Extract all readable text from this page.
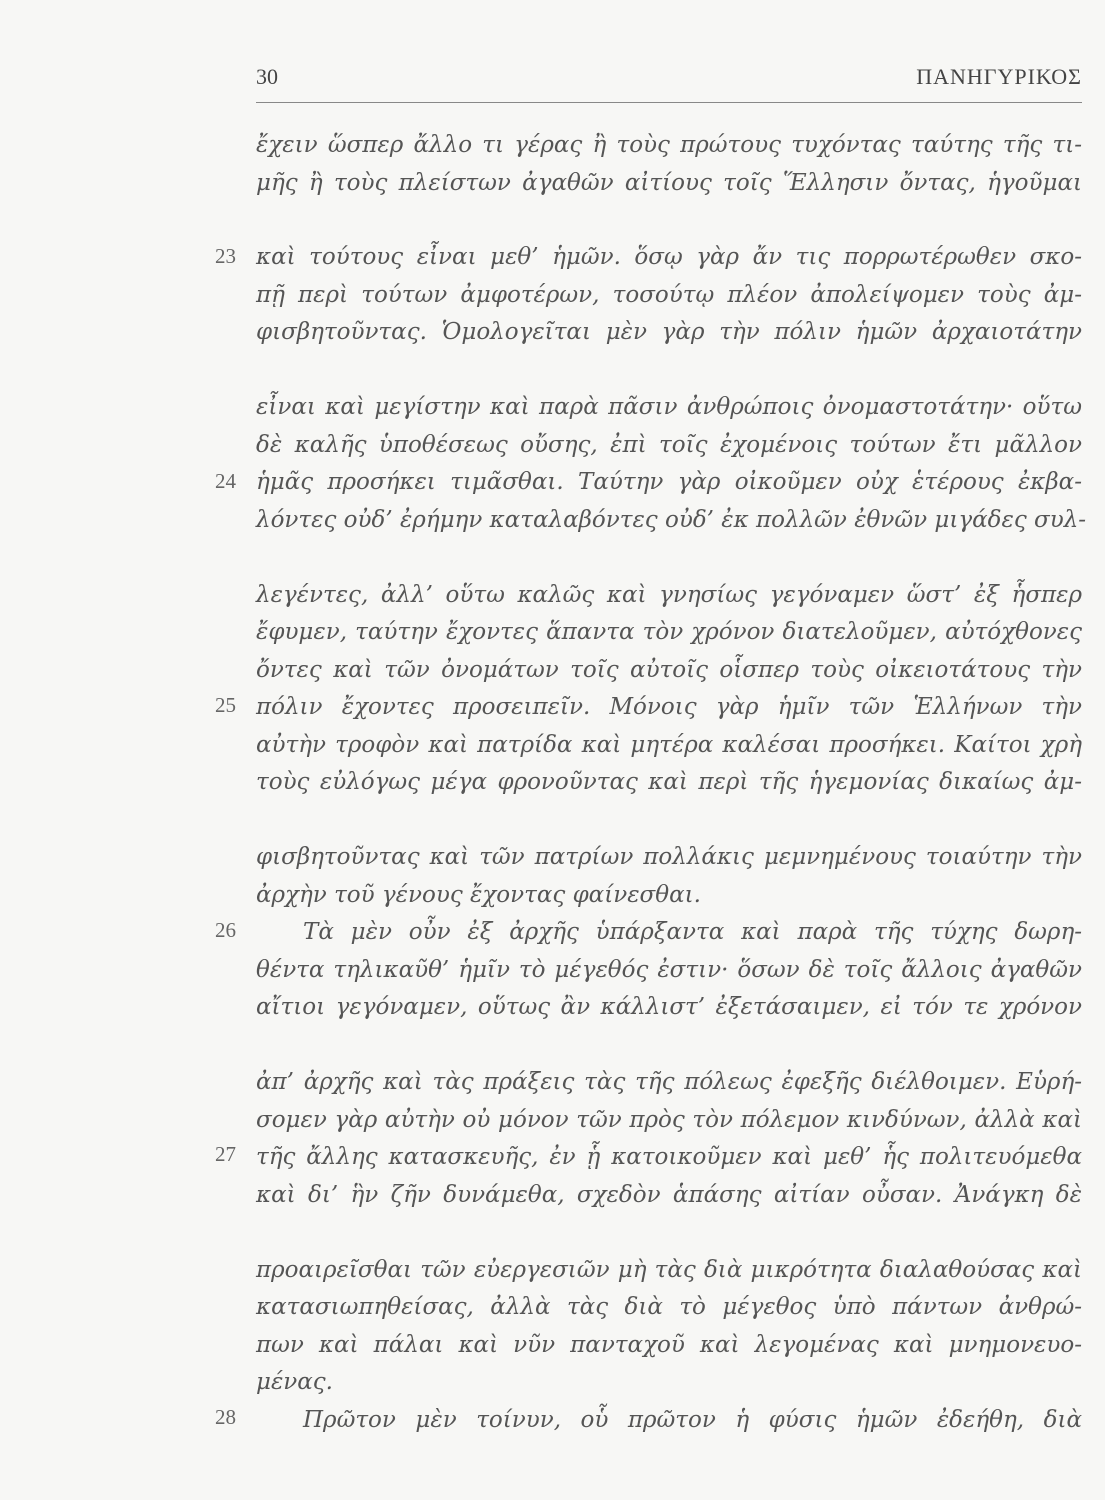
30	ΠΑΝΗΓΥΡΙΚΟΣ
23
24
25
26
27
28
ἔχειν ὥσπερ ἄλλο τι γέρας ἢ τοὺς πρώτους τυχόντας ταύτης τῆς τι-
μῆς ἢ τοὺς πλείστων ἀγαθῶν αἰτίους τοῖς Ἕλλησιν ὄντας, ἡγοῦμαι
καὶ τούτους εἶναι μεθ’ ἡμῶν. ὅσῳ γὰρ ἄν τις πορρωτέρωθεν σκο-
πῇ περὶ τούτων ἀμφοτέρων, τοσούτῳ πλέον ἀπολείψομεν τοὺς ἀμ-
φισβητοῦντας. Ὁμολογεῖται μὲν γὰρ τὴν πόλιν ἡμῶν ἀρχαιοτάτην
εἶναι καὶ μεγίστην καὶ παρὰ πᾶσιν ἀνθρώποις ὀνομαστοτάτην· οὕτω
δὲ καλῆς ὑποθέσεως οὔσης, ἐπὶ τοῖς ἐχομένοις τούτων ἔτι μᾶλλον
ἡμᾶς προσήκει τιμᾶσθαι. Ταύτην γὰρ οἰκοῦμεν οὐχ ἑτέρους ἐκβα-
λόντες οὐδ’ ἐρήμην καταλαβόντες οὐδ’ ἐκ πολλῶν ἐθνῶν μιγάδες συλ-
λεγέντες, ἀλλ’ οὕτω καλῶς καὶ γνησίως γεγόναμεν ὥστ’ ἐξ ἧσπερ
ἔφυμεν, ταύτην ἔχοντες ἅπαντα τὸν χρόνον διατελοῦμεν, αὐτόχθονες
ὄντες καὶ τῶν ὀνομάτων τοῖς αὐτοῖς οἷσπερ τοὺς οἰκειοτάτους τὴν
πόλιν ἔχοντες προσειπεῖν. Μόνοις γὰρ ἡμῖν τῶν Ἑλλήνων τὴν
αὐτὴν τροφὸν καὶ πατρίδα καὶ μητέρα καλέσαι προσήκει. Καίτοι χρὴ
τοὺς εὐλόγως μέγα φρονοῦντας καὶ περὶ τῆς ἡγεμονίας δικαίως ἀμ-
φισβητοῦντας καὶ τῶν πατρίων πολλάκις μεμνημένους τοιαύτην τὴν
ἀρχὴν τοῦ γένους ἔχοντας φαίνεσθαι.
Τὰ μὲν οὖν ἐξ ἀρχῆς ὑπάρξαντα καὶ παρὰ τῆς τύχης δωρη-
θέντα τηλικαῦθ’ ἡμῖν τὸ μέγεθός ἐστιν· ὅσων δὲ τοῖς ἄλλοις ἀγαθῶν
αἴτιοι γεγόναμεν, οὕτως ἂν κάλλιστ’ ἐξετάσαιμεν, εἰ τόν τε χρόνον
ἀπ’ ἀρχῆς καὶ τὰς πράξεις τὰς τῆς πόλεως ἐφεξῆς διέλθοιμεν. Εὑρή-
σομεν γὰρ αὐτὴν οὐ μόνον τῶν πρὸς τὸν πόλεμον κινδύνων, ἀλλὰ καὶ
τῆς ἄλλης κατασκευῆς, ἐν ᾗ κατοικοῦμεν καὶ μεθ’ ἧς πολιτευόμεθα
καὶ δι’ ἣν ζῆν δυνάμεθα, σχεδὸν ἁπάσης αἰτίαν οὖσαν. Ἀνάγκη δὲ
προαιρεῖσθαι τῶν εὐεργεσιῶν μὴ τὰς διὰ μικρότητα διαλαθούσας καὶ
κατασιωπηθείσας, ἀλλὰ τὰς διὰ τὸ μέγεθος ὑπὸ πάντων ἀνθρώ-
πων καὶ πάλαι καὶ νῦν πανταχοῦ καὶ λεγομένας καὶ μνημονευο-
μένας.
Πρῶτον μὲν τοίνυν, οὗ πρῶτον ἡ φύσις ἡμῶν ἐδεήθη, διὰ
